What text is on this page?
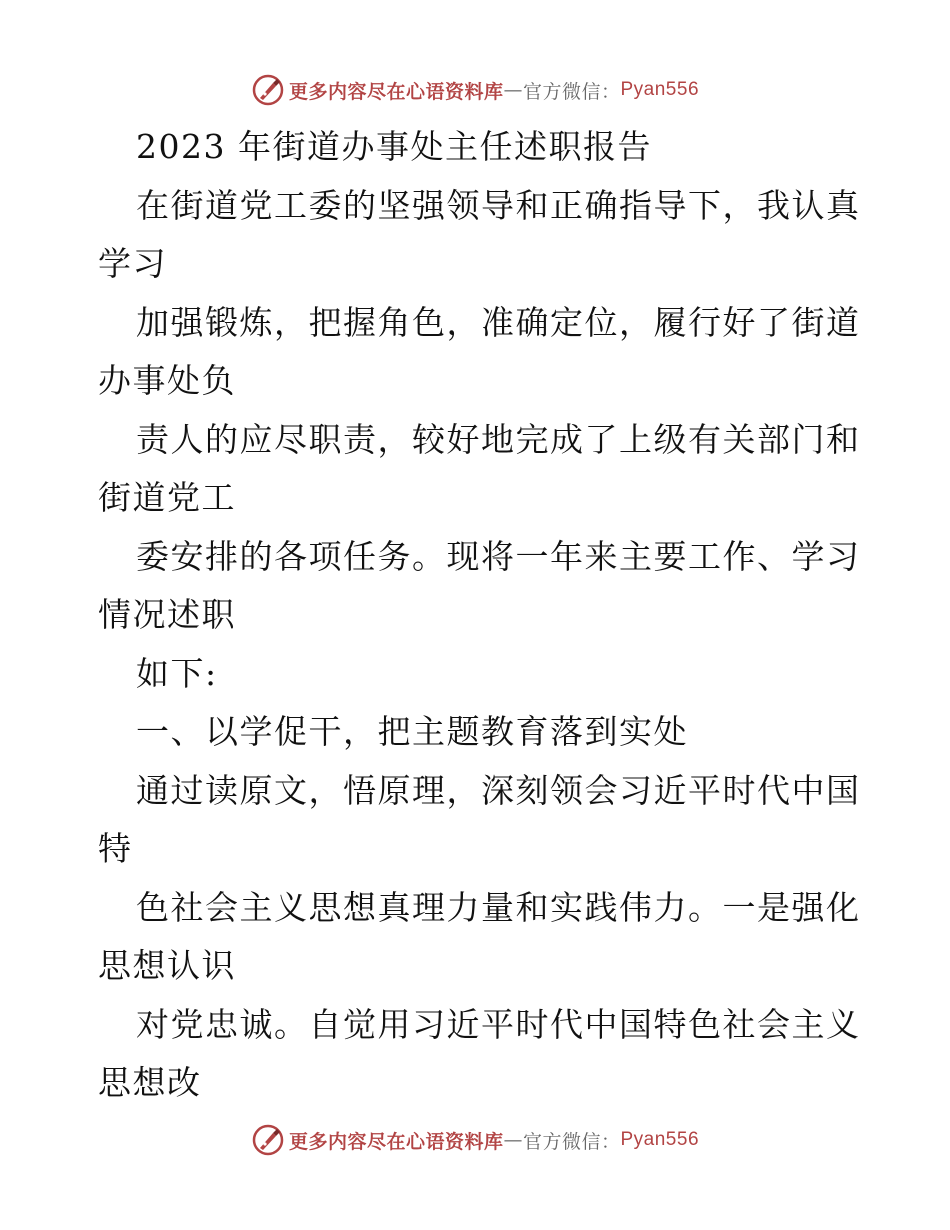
更多内容尽在心语资料库 — 官方微信： Pyan556
2023 年街道办事处主任述职报告
在街道党工委的坚强领导和正确指导下，我认真
学习
加强锻炼，把握角色，准确定位，履行好了街道
办事处负
责人的应尽职责，较好地完成了上级有关部门和
街道党工
委安排的各项任务。现将一年来主要工作、学习
情况述职
如下:
一、以学促干，把主题教育落到实处
通过读原文，悟原理，深刻领会习近平时代中国
特
色社会主义思想真理力量和实践伟力。一是强化
思想认识
对党忠诚。自觉用习近平时代中国特色社会主义
思想改
更多内容尽在心语资料库 — 官方微信： Pyan556
